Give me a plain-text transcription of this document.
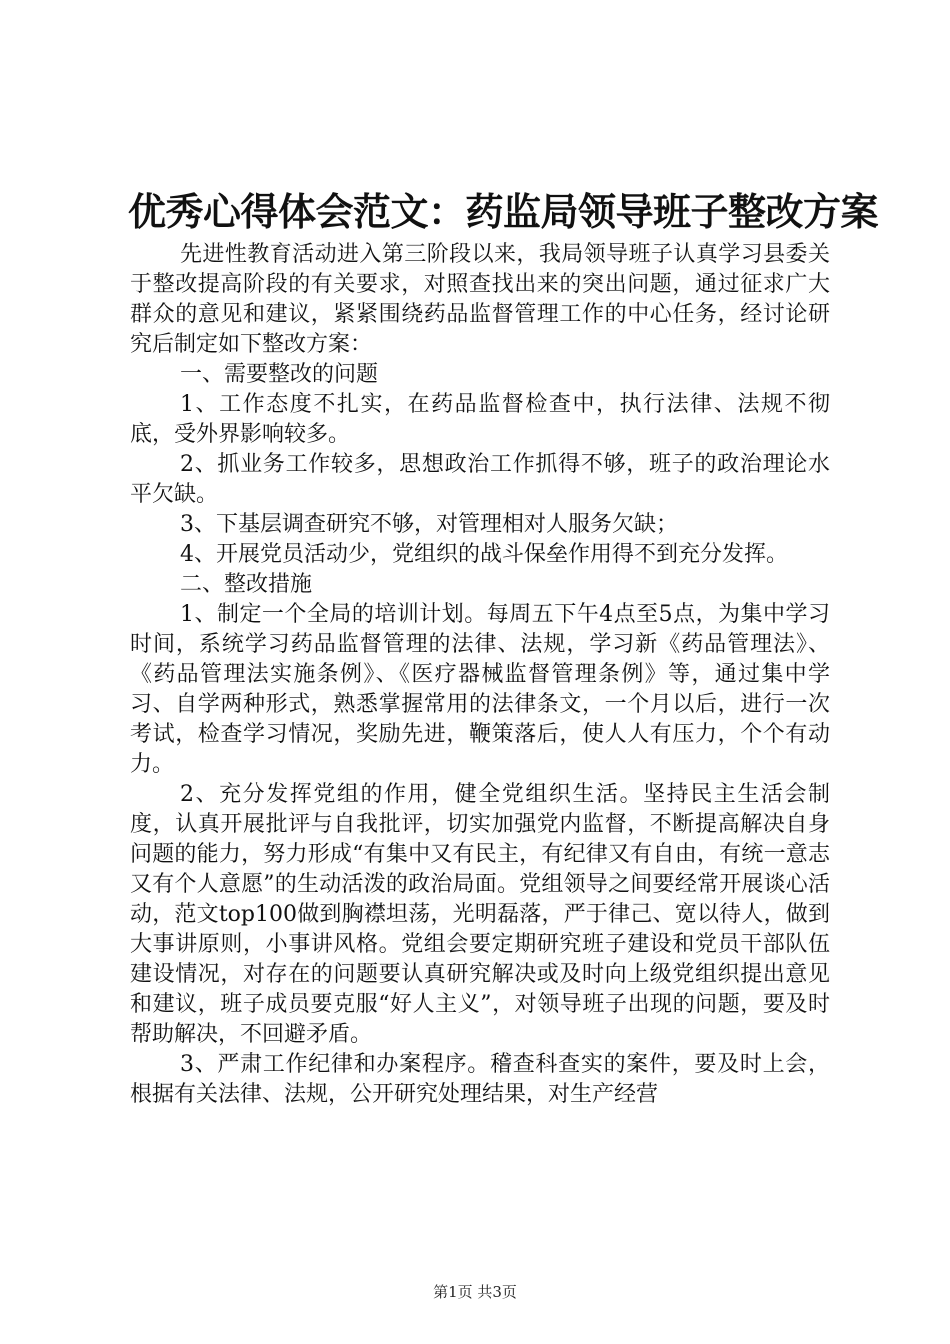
优秀心得体会范文：药监局领导班子整改方案

先进性教育活动进入第三阶段以来，我局领导班子认真学习县委关于整改提高阶段的有关要求，对照查找出来的突出问题，通过征求广大群众的意见和建议，紧紧围绕药品监督管理工作的中心任务，经讨论研究后制定如下整改方案：

一、需要整改的问题

1、工作态度不扎实，在药品监督检查中，执行法律、法规不彻底，受外界影响较多。

2、抓业务工作较多，思想政治工作抓得不够，班子的政治理论水平欠缺。

3、下基层调查研究不够，对管理相对人服务欠缺；

4、开展党员活动少，党组织的战斗保垒作用得不到充分发挥。

二、整改措施

1、制定一个全局的培训计划。每周五下午4点至5点，为集中学习时间，系统学习药品监督管理的法律、法规，学习新《药品管理法》、《药品管理法实施条例》、《医疗器械监督管理条例》等，通过集中学习、自学两种形式，熟悉掌握常用的法律条文，一个月以后，进行一次考试，检查学习情况，奖励先进，鞭策落后，使人人有压力，个个有动力。

2、充分发挥党组的作用，健全党组织生活。坚持民主生活会制度，认真开展批评与自我批评，切实加强党内监督，不断提高解决自身问题的能力，努力形成“有集中又有民主，有纪律又有自由，有统一意志又有个人意愿”的生动活泼的政治局面。党组领导之间要经常开展谈心活动，范文top100做到胸襟坦荡，光明磊落，严于律己、宽以待人，做到大事讲原则，小事讲风格。党组会要定期研究班子建设和党员干部队伍建设情况，对存在的问题要认真研究解决或及时向上级党组织提出意见和建议，班子成员要克服“好人主义”，对领导班子出现的问题，要及时帮助解决，不回避矛盾。

3、严肃工作纪律和办案程序。稽查科查实的案件，要及时上会，根据有关法律、法规，公开研究处理结果，对生产经营

第1页 共3页
